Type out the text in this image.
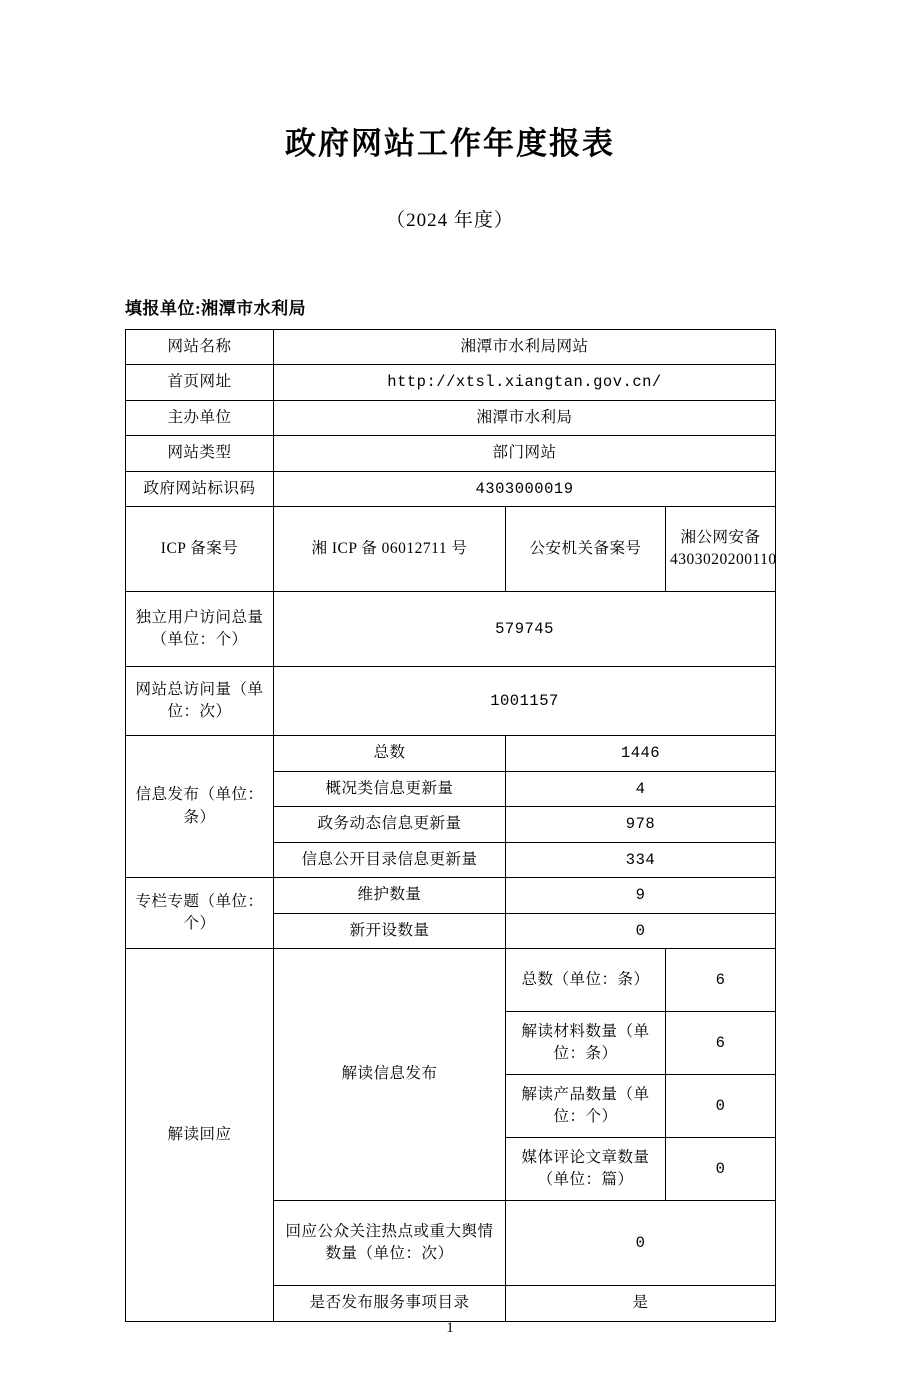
政府网站工作年度报表
（2024 年度）
填报单位:湘潭市水利局
网站名称	湘潭市水利局网站		
首页网址	http://xtsl.xiangtan.gov.cn/		
主办单位	湘潭市水利局		
网站类型	部门网站		
政府网站标识码	4303000019		
ICP 备案号	湘 ICP 备 06012711 号	公安机关备案号	湘公网安备 4303020200110
独立用户访问总量（单位：个）	579745		
网站总访问量（单位：次）	1001157		
信息发布（单位：条）	总数	1446	
	概况类信息更新量	4	
	政务动态信息更新量	978	
	信息公开目录信息更新量	334	
专栏专题（单位：个）	维护数量	9	
	新开设数量	0	
解读回应	解读信息发布	总数（单位：条）	6
		解读材料数量（单位：条）	6
		解读产品数量（单位：个）	0
		媒体评论文章数量（单位：篇）	0
	回应公众关注热点或重大舆情数量（单位：次）	0	
	是否发布服务事项目录	是	
1
